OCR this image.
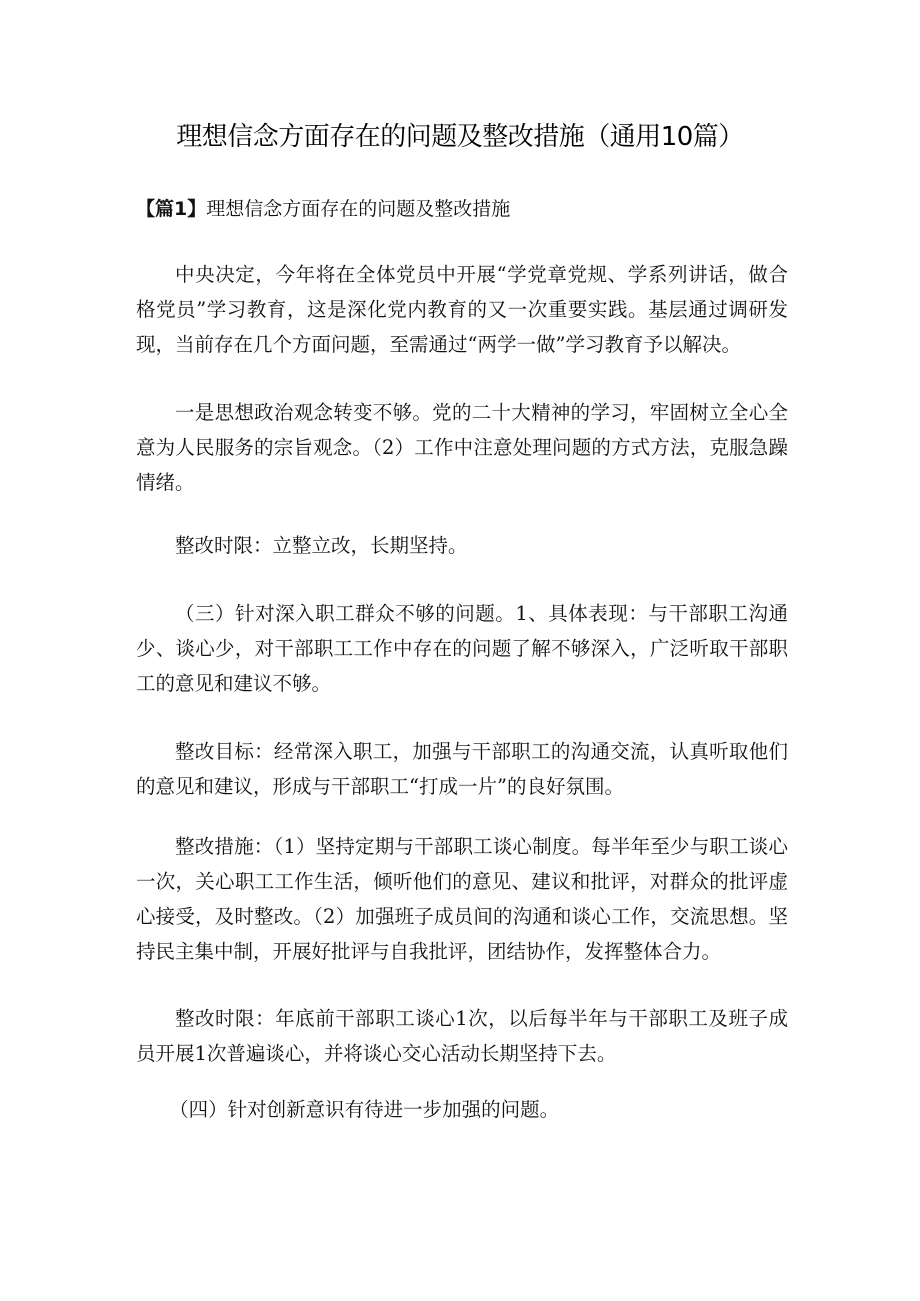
理想信念方面存在的问题及整改措施（通用10篇）
【篇1】理想信念方面存在的问题及整改措施

中央决定，今年将在全体党员中开展“学党章党规、学系列讲话，做合格党员”学习教育，这是深化党内教育的又一次重要实践。基层通过调研发现，当前存在几个方面问题，至需通过“两学一做”学习教育予以解决。

一是思想政治观念转变不够。党的二十大精神的学习，牢固树立全心全意为人民服务的宗旨观念。（2）工作中注意处理问题的方式方法，克服急躁情绪。

整改时限：立整立改，长期坚持。

（三）针对深入职工群众不够的问题。1、具体表现：与干部职工沟通少、谈心少，对干部职工工作中存在的问题了解不够深入，广泛听取干部职工的意见和建议不够。

整改目标：经常深入职工，加强与干部职工的沟通交流，认真听取他们的意见和建议，形成与干部职工“打成一片”的良好氛围。

整改措施：（1）坚持定期与干部职工谈心制度。每半年至少与职工谈心一次，关心职工工作生活，倾听他们的意见、建议和批评，对群众的批评虚心接受，及时整改。（2）加强班子成员间的沟通和谈心工作，交流思想。坚持民主集中制，开展好批评与自我批评，团结协作，发挥整体合力。

整改时限：年底前干部职工谈心1次，以后每半年与干部职工及班子成员开展1次普遍谈心，并将谈心交心活动长期坚持下去。

（四）针对创新意识有待进一步加强的问题。
